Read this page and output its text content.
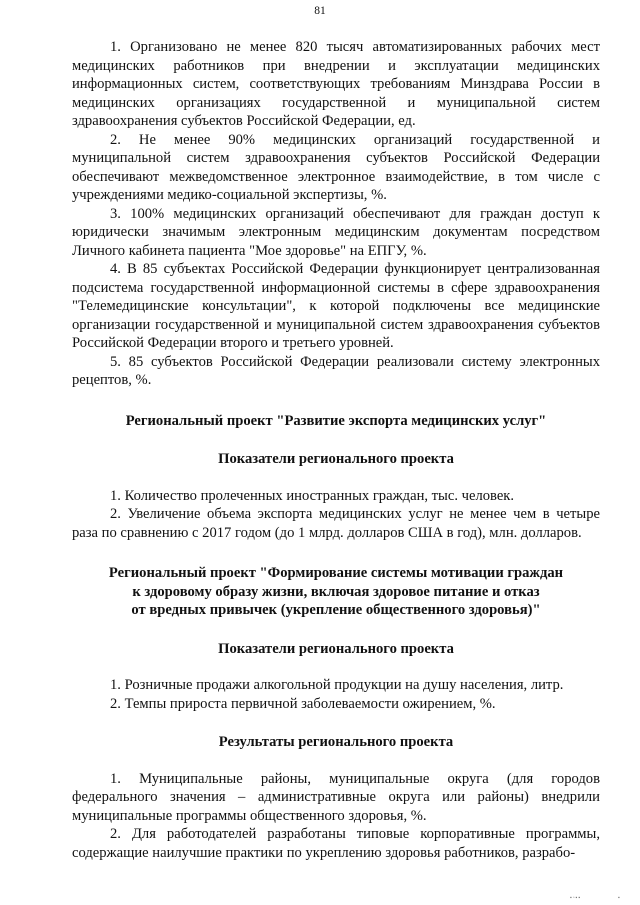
81

1. Организовано не менее 820 тысяч автоматизированных рабочих мест медицинских работников при внедрении и эксплуатации медицинских информационных систем, соответствующих требованиям Минздрава России в медицинских организациях государственной и муниципальной систем здравоохранения субъектов Российской Федерации, ед.

2. Не менее 90% медицинских организаций государственной и муниципальной систем здравоохранения субъектов Российской Федерации обеспечивают межведомственное электронное взаимодействие, в том числе с учреждениями медико-социальной экспертизы, %.

3. 100% медицинских организаций обеспечивают для граждан доступ к юридически значимым электронным медицинским документам посредством Личного кабинета пациента "Мое здоровье" на ЕПГУ, %.

4. В 85 субъектах Российской Федерации функционирует централизованная подсистема государственной информационной системы в сфере здравоохранения "Телемедицинские консультации", к которой подключены все медицинские организации государственной и муниципальной систем здравоохранения субъектов Российской Федерации второго и третьего уровней.

5. 85 субъектов Российской Федерации реализовали систему электронных рецептов, %.

Региональный проект "Развитие экспорта медицинских услуг"

Показатели регионального проекта

1. Количество пролеченных иностранных граждан, тыс. человек.

2. Увеличение объема экспорта медицинских услуг не менее чем в четыре раза по сравнению с 2017 годом (до 1 млрд. долларов США в год), млн. долларов.

Региональный проект "Формирование системы мотивации граждан

к здоровому образу жизни, включая здоровое питание и отказ

от вредных привычек (укрепление общественного здоровья)"

Показатели регионального проекта

1. Розничные продажи алкогольной продукции на душу населения, литр.

2. Темпы прироста первичной заболеваемости ожирением, %.

Результаты регионального проекта

1. Муниципальные районы, муниципальные округа (для городов федерального значения – административные округа или районы) внедрили муниципальные программы общественного здоровья, %.

2. Для работодателей разработаны типовые корпоративные программы, содержащие наилучшие практики по укреплению здоровья работников, разрабо-

▪▫▪▪	▪
